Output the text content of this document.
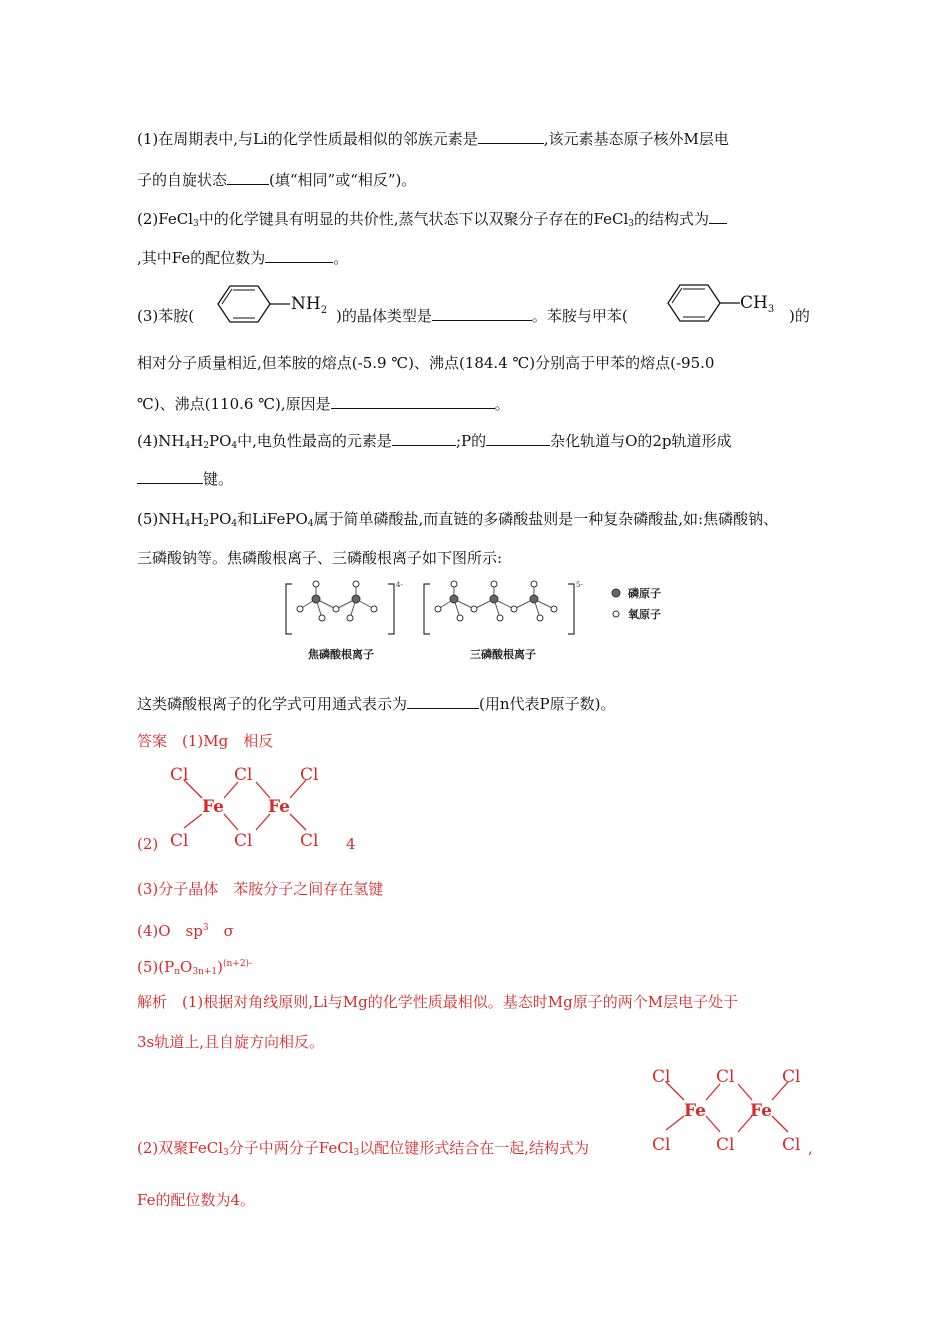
(1)在周期表中,与Li的化学性质最相似的邻族元素是	,该元素基态原子核外M层电
子的自旋状态	(填“相同”或“相反”)。
(2)FeCl$_3$中的化学键具有明显的共价性,蒸气状态下以双聚分子存在的FeCl$_3$的结构式为
,其中Fe的配位数为	。
(3)苯胺(
$NH_2$ )的晶体类型是	。苯胺与甲苯(
$CH_3$ )的
相对分子质量相近,但苯胺的熔点(-5.9 ℃)、沸点(184.4 ℃)分别高于甲苯的熔点(-95.0
℃)、沸点(110.6 ℃),原因是	。
$(4)NH_4H_2PO_4$中,电负性最高的元素是	;P的	杂化轨道与O的2p轨道形成
键。
$(5)NH_4H_2PO_4$和LiFePO$_4$属于简单磷酸盐,而直链的多磷酸盐则是一种复杂磷酸盐,如:焦磷酸钠、
三磷酸钠等。焦磷酸根离子、三磷酸根离子如下图所示:
4-
焦磷酸根离子
5-
三磷酸根离子
磷原子
氧原子
这类磷酸根离子的化学式可用通式表示为	(用n代表P原子数)。
答案　 (1)Mg　相反
Cl	Cl	Cl
Fe	Fe
Cl	Cl	Cl
(2)	4
(3)分子晶体　苯胺分子之间存在氢键
(4)O　$sp^3$　σ
$(5)(P_nO_{3n+1})^{(n+2)-}$
解析　(1)根据对角线原则,Li与Mg的化学性质最相似。基态时Mg原子的两个M层电子处于
3s轨道上,且自旋方向相反。
Cl	Cl	Cl
Fe	Fe
Cl	Cl	Cl
(2)双聚FeCl$_3$分子中两分子FeCl$_3$以配位键形式结合在一起,结构式为	,
Fe的配位数为4。
